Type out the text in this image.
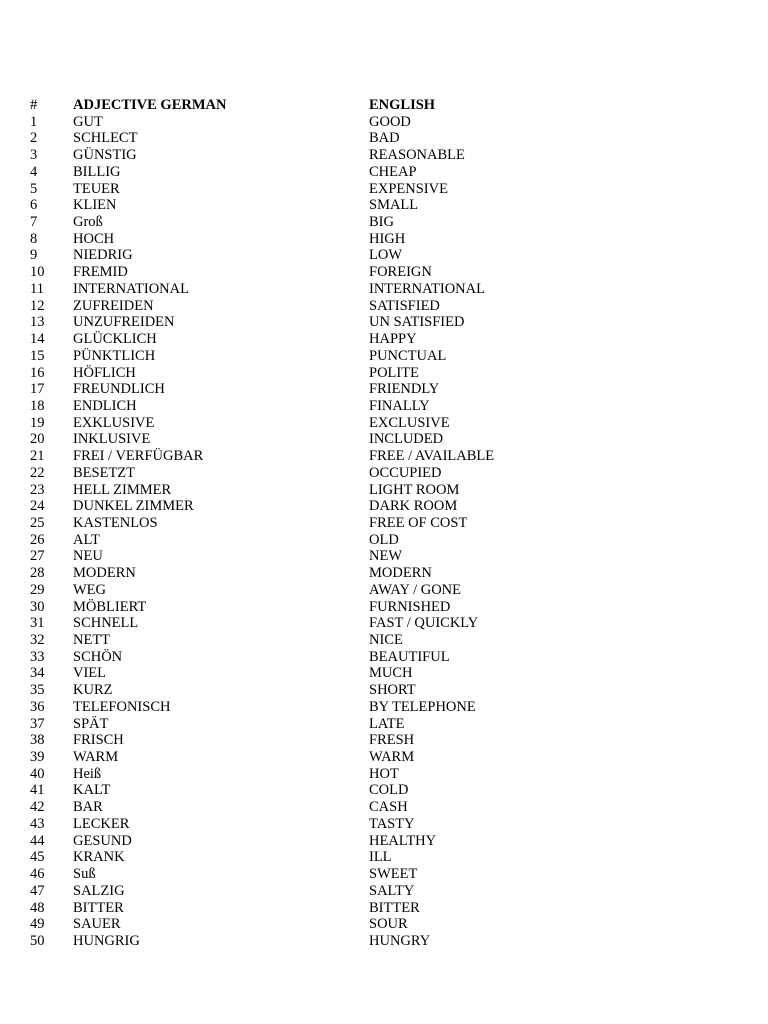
# ADJECTIVE GERMAN	ENGLISH
1 GUT	GOOD
2 SCHLECT	BAD
3 GÜNSTIG	REASONABLE
4 BILLIG	CHEAP
5 TEUER	EXPENSIVE
6 KLIEN	SMALL
7 Groß	BIG
8 HOCH	HIGH
9 NIEDRIG	LOW
10 FREMID	FOREIGN
11 INTERNATIONAL	INTERNATIONAL
12 ZUFREIDEN	SATISFIED
13 UNZUFREIDEN	UN SATISFIED
14 GLÜCKLICH	HAPPY
15 PÜNKTLICH	PUNCTUAL
16 HÖFLICH	POLITE
17 FREUNDLICH	FRIENDLY
18 ENDLICH	FINALLY
19 EXKLUSIVE	EXCLUSIVE
20 INKLUSIVE	INCLUDED
21 FREI / VERFÜGBAR	FREE / AVAILABLE
22 BESETZT	OCCUPIED
23 HELL ZIMMER	LIGHT ROOM
24 DUNKEL ZIMMER	DARK ROOM
25 KASTENLOS	FREE OF COST
26 ALT	OLD
27 NEU	NEW
28 MODERN	MODERN
29 WEG	AWAY / GONE
30 MÖBLIERT	FURNISHED
31 SCHNELL	FAST / QUICKLY
32 NETT	NICE
33 SCHÖN	BEAUTIFUL
34 VIEL	MUCH
35 KURZ	SHORT
36 TELEFONISCH	BY TELEPHONE
37 SPÄT	LATE
38 FRISCH	FRESH
39 WARM	WARM
40 Heiß	HOT
41 KALT	COLD
42 BAR	CASH
43 LECKER	TASTY
44 GESUND	HEALTHY
45 KRANK	ILL
46 Suß	SWEET
47 SALZIG	SALTY
48 BITTER	BITTER
49 SAUER	SOUR
50 HUNGRIG	HUNGRY
